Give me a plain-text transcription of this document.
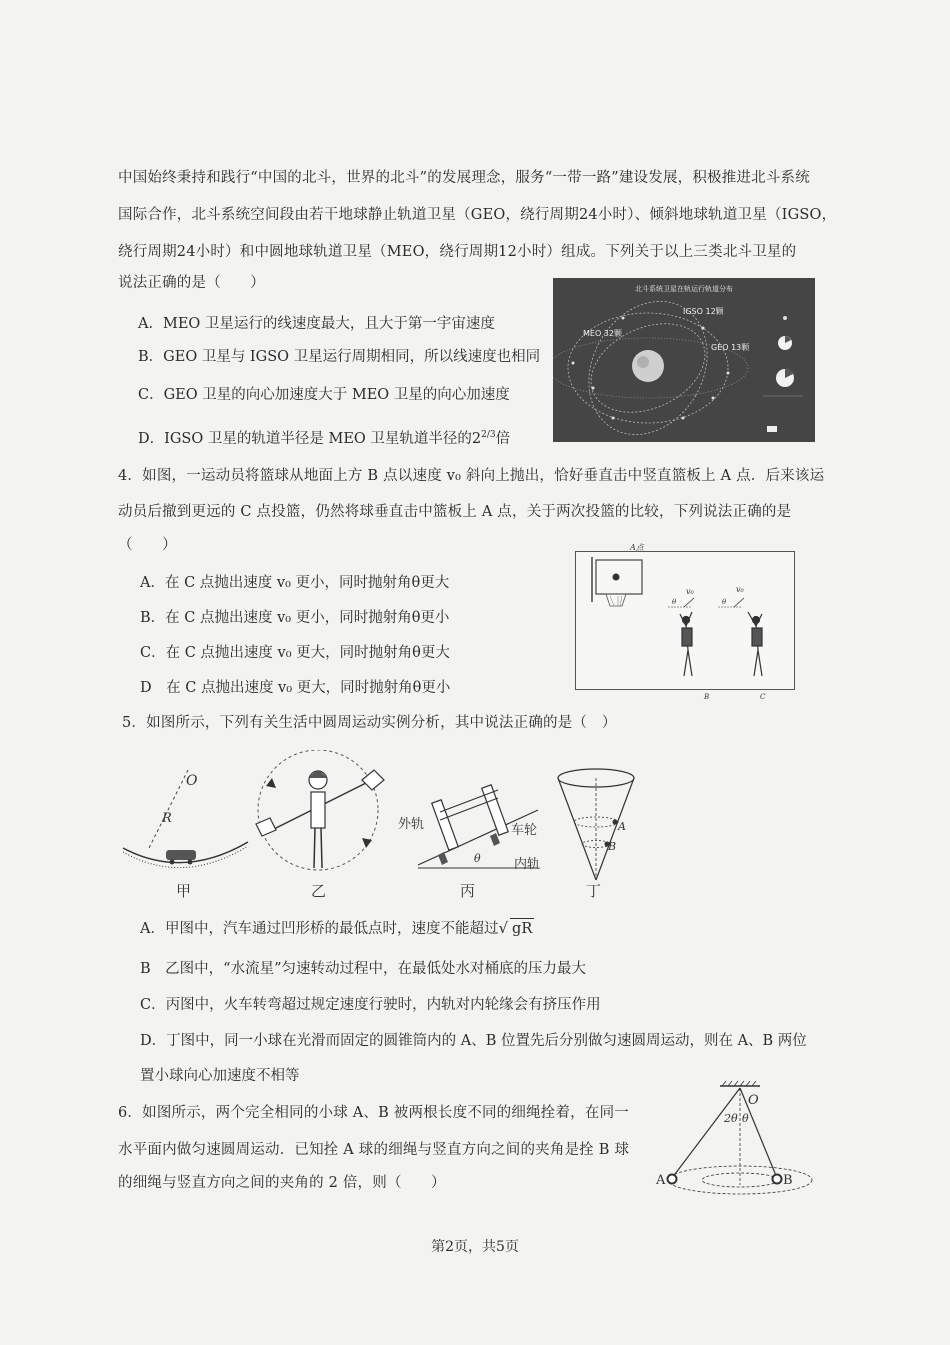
中国始终秉持和践行“中国的北斗，世界的北斗”的发展理念，服务“一带一路”建设发展，积极推进北斗系统
国际合作，北斗系统空间段由若干地球静止轨道卫星（GEO，绕行周期24小时）、倾斜地球轨道卫星（IGSO，
绕行周期24小时）和中圆地球轨道卫星（MEO，绕行周期12小时）组成。下列关于以上三类北斗卫星的
说法正确的是（　　）
A．MEO 卫星运行的线速度最大，且大于第一宇宙速度
B．GEO 卫星与 IGSO 卫星运行周期相同，所以线速度也相同
C．GEO 卫星的向心加速度大于 MEO 卫星的向心加速度
D．IGSO 卫星的轨道半径是 MEO 卫星轨道半径的$2^{2/3}$倍
北斗系统卫星在轨运行轨道分布
IGSO 12颗
MEO 32颗
GEO 13颗
4．如图，一运动员将篮球从地面上方 B 点以速度 v₀ 斜向上抛出，恰好垂直击中竖直篮板上 A 点．后来该运
动员后撤到更远的 C 点投篮，仍然将球垂直击中篮板上 A 点，关于两次投篮的比较，下列说法正确的是
（　　）
A．在 C 点抛出速度 v₀ 更小，同时抛射角θ更大
B．在 C 点抛出速度 v₀ 更小，同时抛射角θ更小
C．在 C 点抛出速度 v₀ 更大，同时抛射角θ更大
D　在 C 点抛出速度 v₀ 更大，同时抛射角θ更小
A点
v₀	v₀
θ	θ
B	C
5．如图所示，下列有关生活中圆周运动实例分析，其中说法正确的是（　）
O
R
甲	乙
θ
外轨	车轮
内轨
丙
A
B
丁
A．甲图中，汽车通过凹形桥的最低点时，速度不能超过√ gR
B　乙图中，“水流星”匀速转动过程中，在最低处水对桶底的压力最大
C．丙图中，火车转弯超过规定速度行驶时，内轨对内轮缘会有挤压作用
D．丁图中，同一小球在光滑而固定的圆锥筒内的 A、B 位置先后分别做匀速圆周运动，则在 A、B 两位
置小球向心加速度不相等
6．如图所示，两个完全相同的小球 A、B 被两根长度不同的细绳拴着，在同一
水平面内做匀速圆周运动．已知拴 A 球的细绳与竖直方向之间的夹角是拴 B 球
的细绳与竖直方向之间的夹角的 2 倍，则（　　）
O
2θ θ
A	B
第2页，共5页
